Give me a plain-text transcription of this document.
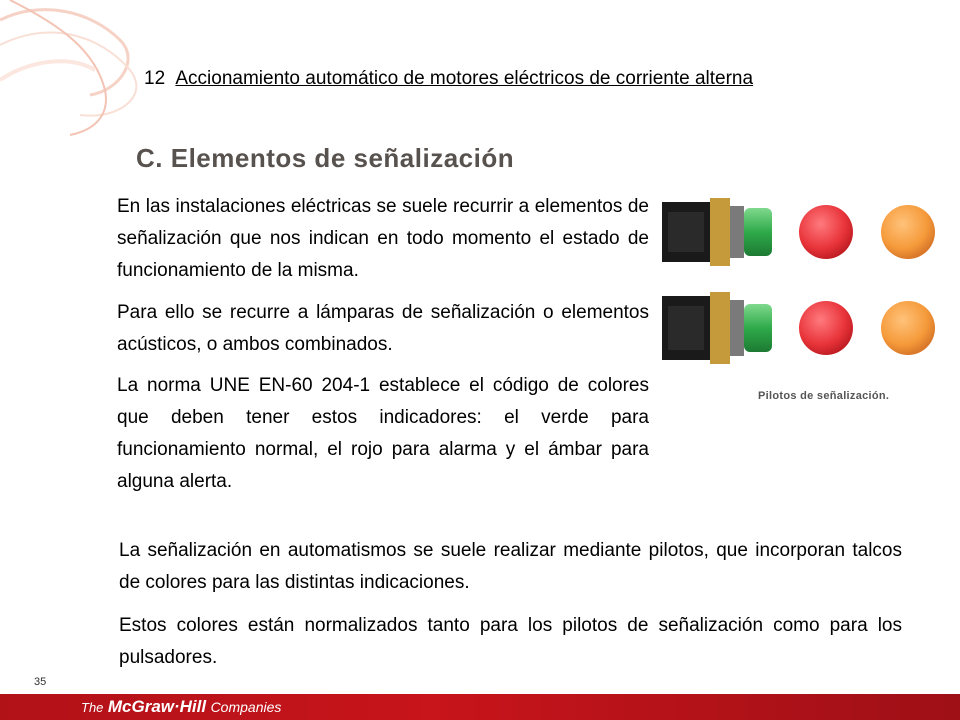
12 Accionamiento automático de motores eléctricos de corriente alterna
C. Elementos de señalización
En las instalaciones eléctricas se suele recurrir a elementos de señalización que nos indican en todo momento el estado de funcionamiento de la misma.
Para ello se recurre a lámparas de señalización o elementos acústicos, o ambos combinados.
La norma UNE EN-60 204-1 establece el código de colores que deben tener estos indicadores: el verde para funcionamiento normal, el rojo para alarma y el ámbar para alguna alerta.
Pilotos de señalización.
La señalización en automatismos se suele realizar mediante pilotos, que incorporan talcos de colores para las distintas indicaciones.
Estos colores están normalizados tanto para los pilotos de señalización como para los pulsadores.
35
The McGraw·Hill Companies
